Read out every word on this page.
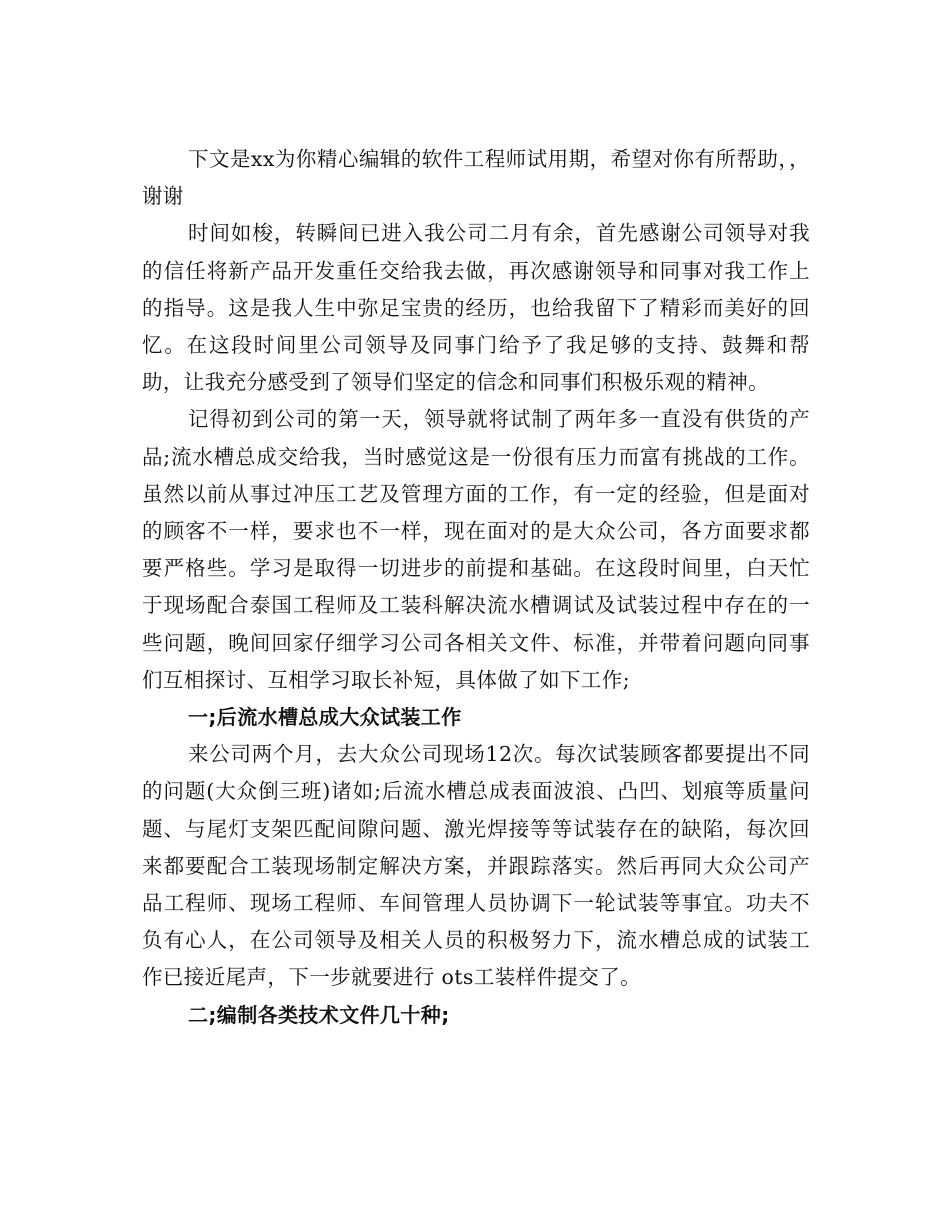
下文是xx为你精心编辑的软件工程师试用期，希望对你有所帮助，，谢谢

时间如梭，转瞬间已进入我公司二月有余，首先感谢公司领导对我的信任将新产品开发重任交给我去做，再次感谢领导和同事对我工作上的指导。这是我人生中弥足宝贵的经历，也给我留下了精彩而美好的回忆。在这段时间里公司领导及同事门给予了我足够的支持、鼓舞和帮助，让我充分感受到了领导们坚定的信念和同事们积极乐观的精神。

记得初到公司的第一天，领导就将试制了两年多一直没有供货的产品;流水槽总成交给我，当时感觉这是一份很有压力而富有挑战的工作。虽然以前从事过冲压工艺及管理方面的工作，有一定的经验，但是面对的顾客不一样，要求也不一样，现在面对的是大众公司，各方面要求都要严格些。学习是取得一切进步的前提和基础。在这段时间里，白天忙于现场配合泰国工程师及工装科解决流水槽调试及试装过程中存在的一些问题，晚间回家仔细学习公司各相关文件、标准，并带着问题向同事们互相探讨、互相学习取长补短，具体做了如下工作;

一;后流水槽总成大众试装工作

来公司两个月，去大众公司现场12次。每次试装顾客都要提出不同的问题(大众倒三班)诸如;后流水槽总成表面波浪、凸凹、划痕等质量问题、与尾灯支架匹配间隙问题、激光焊接等等试装存在的缺陷，每次回来都要配合工装现场制定解决方案，并跟踪落实。然后再同大众公司产品工程师、现场工程师、车间管理人员协调下一轮试装等事宜。功夫不负有心人，在公司领导及相关人员的积极努力下，流水槽总成的试装工作已接近尾声，下一步就要进行 ots工装样件提交了。

二;编制各类技术文件几十种;
